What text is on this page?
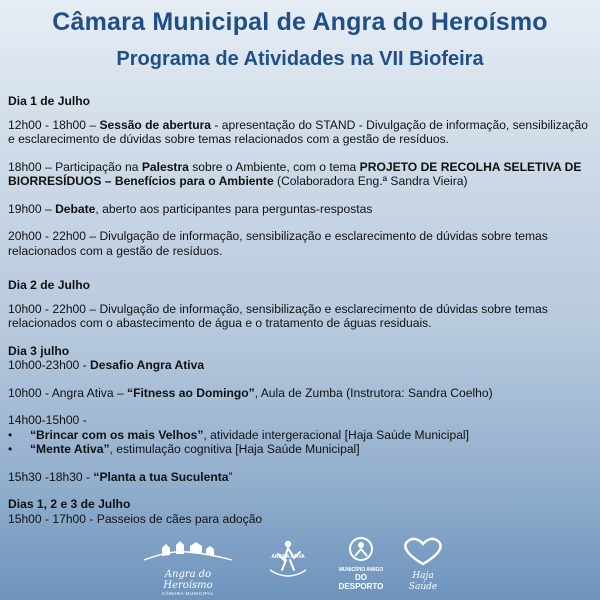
Câmara Municipal de Angra do Heroísmo
Programa de Atividades na VII Biofeira

Dia 1 de Julho

12h00 - 18h00 – Sessão de abertura - apresentação do STAND - Divulgação de informação, sensibilização e esclarecimento de dúvidas sobre temas relacionados com a gestão de resíduos.

18h00 – Participação na Palestra sobre o Ambiente, com o tema PROJETO DE RECOLHA SELETIVA DE BIORRESÍDUOS – Benefícios para o Ambiente (Colaboradora Eng.ª Sandra Vieira)

19h00 – Debate, aberto aos participantes para perguntas-respostas

20h00 - 22h00 – Divulgação de informação, sensibilização e esclarecimento de dúvidas sobre temas relacionados com a gestão de resíduos.

Dia 2 de Julho

10h00 - 22h00 – Divulgação de informação, sensibilização e esclarecimento de dúvidas sobre temas relacionados com o abastecimento de água e o tratamento de águas residuais.

Dia 3 julho

10h00-23h00 - Desafio Angra Ativa

10h00 - Angra Ativa – “Fitness ao Domingo”, Aula de Zumba (Instrutora: Sandra Coelho)

14h00-15h00 -

• “Brincar com os mais Velhos”, atividade intergeracional [Haja Saúde Municipal]

• “Mente Ativa”, estimulação cognitiva [Haja Saúde Municipal]

15h30 -18h30 - “Planta a tua Suculenta”

Dias 1, 2 e 3 de Julho

15h00 - 17h00 - Passeios de cães para adoção

Angra do Heroísmo
CÂMARA MUNICIPAL
ANGRA ATIVA
MUNICÍPIO AMIGO
DO DESPORTO
Haja Saúde
